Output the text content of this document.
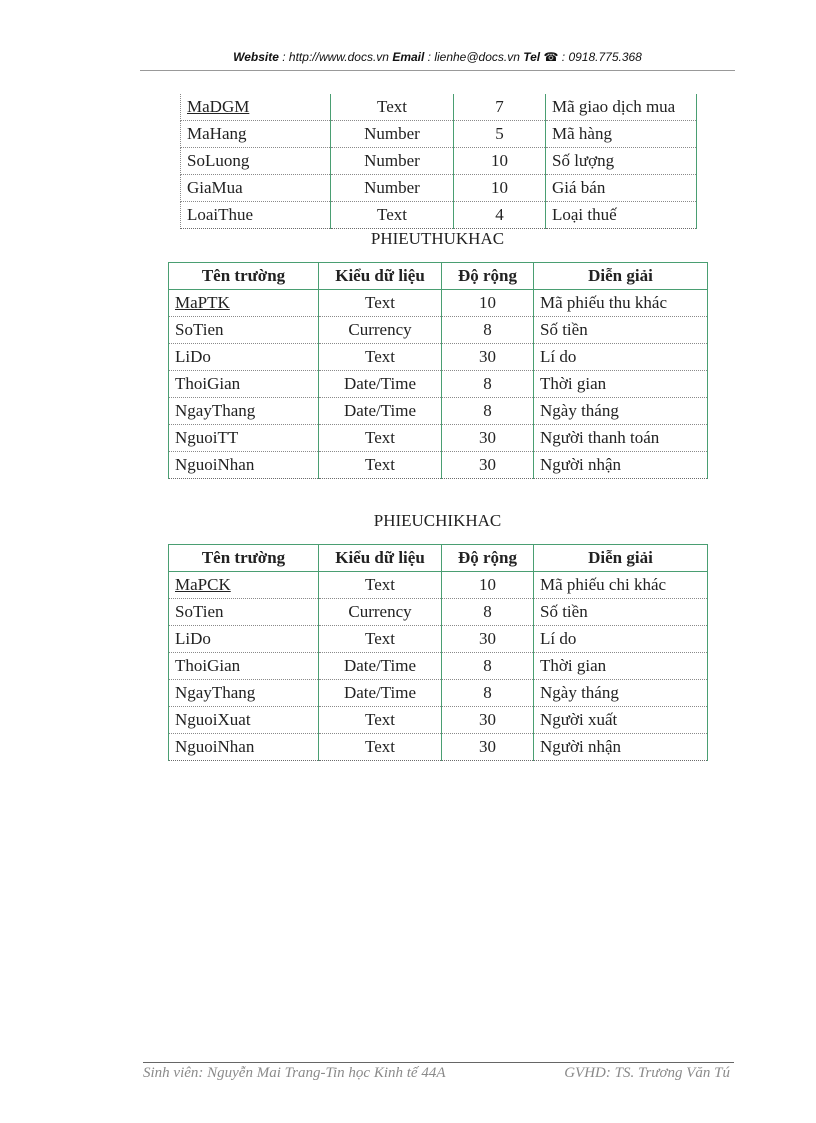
Website : http://www.docs.vn Email : lienhe@docs.vn Tel ☎ : 0918.775.368
MaDGM	Text	7	Mã giao dịch mua
MaHang	Number	5	Mã hàng
SoLuong	Number	10	Số lượng
GiaMua	Number	10	Giá bán
LoaiThue	Text	4	Loại thuế
PHIEUTHUKHAC
Tên trường	Kiểu dữ liệu	Độ rộng	Diễn giải
MaPTK	Text	10	Mã phiếu thu khác
SoTien	Currency	8	Số tiền
LiDo	Text	30	Lí do
ThoiGian	Date/Time	8	Thời gian
NgayThang	Date/Time	8	Ngày tháng
NguoiTT	Text	30	Người thanh toán
NguoiNhan	Text	30	Người nhận
PHIEUCHIKHAC
Tên trường	Kiểu dữ liệu	Độ rộng	Diễn giải
MaPCK	Text	10	Mã phiếu chi khác
SoTien	Currency	8	Số tiền
LiDo	Text	30	Lí do
ThoiGian	Date/Time	8	Thời gian
NgayThang	Date/Time	8	Ngày tháng
NguoiXuat	Text	30	Người xuất
NguoiNhan	Text	30	Người nhận
Sinh viên: Nguyễn Mai Trang-Tin học Kinh tế 44A	GVHD: TS. Trương Văn Tú
